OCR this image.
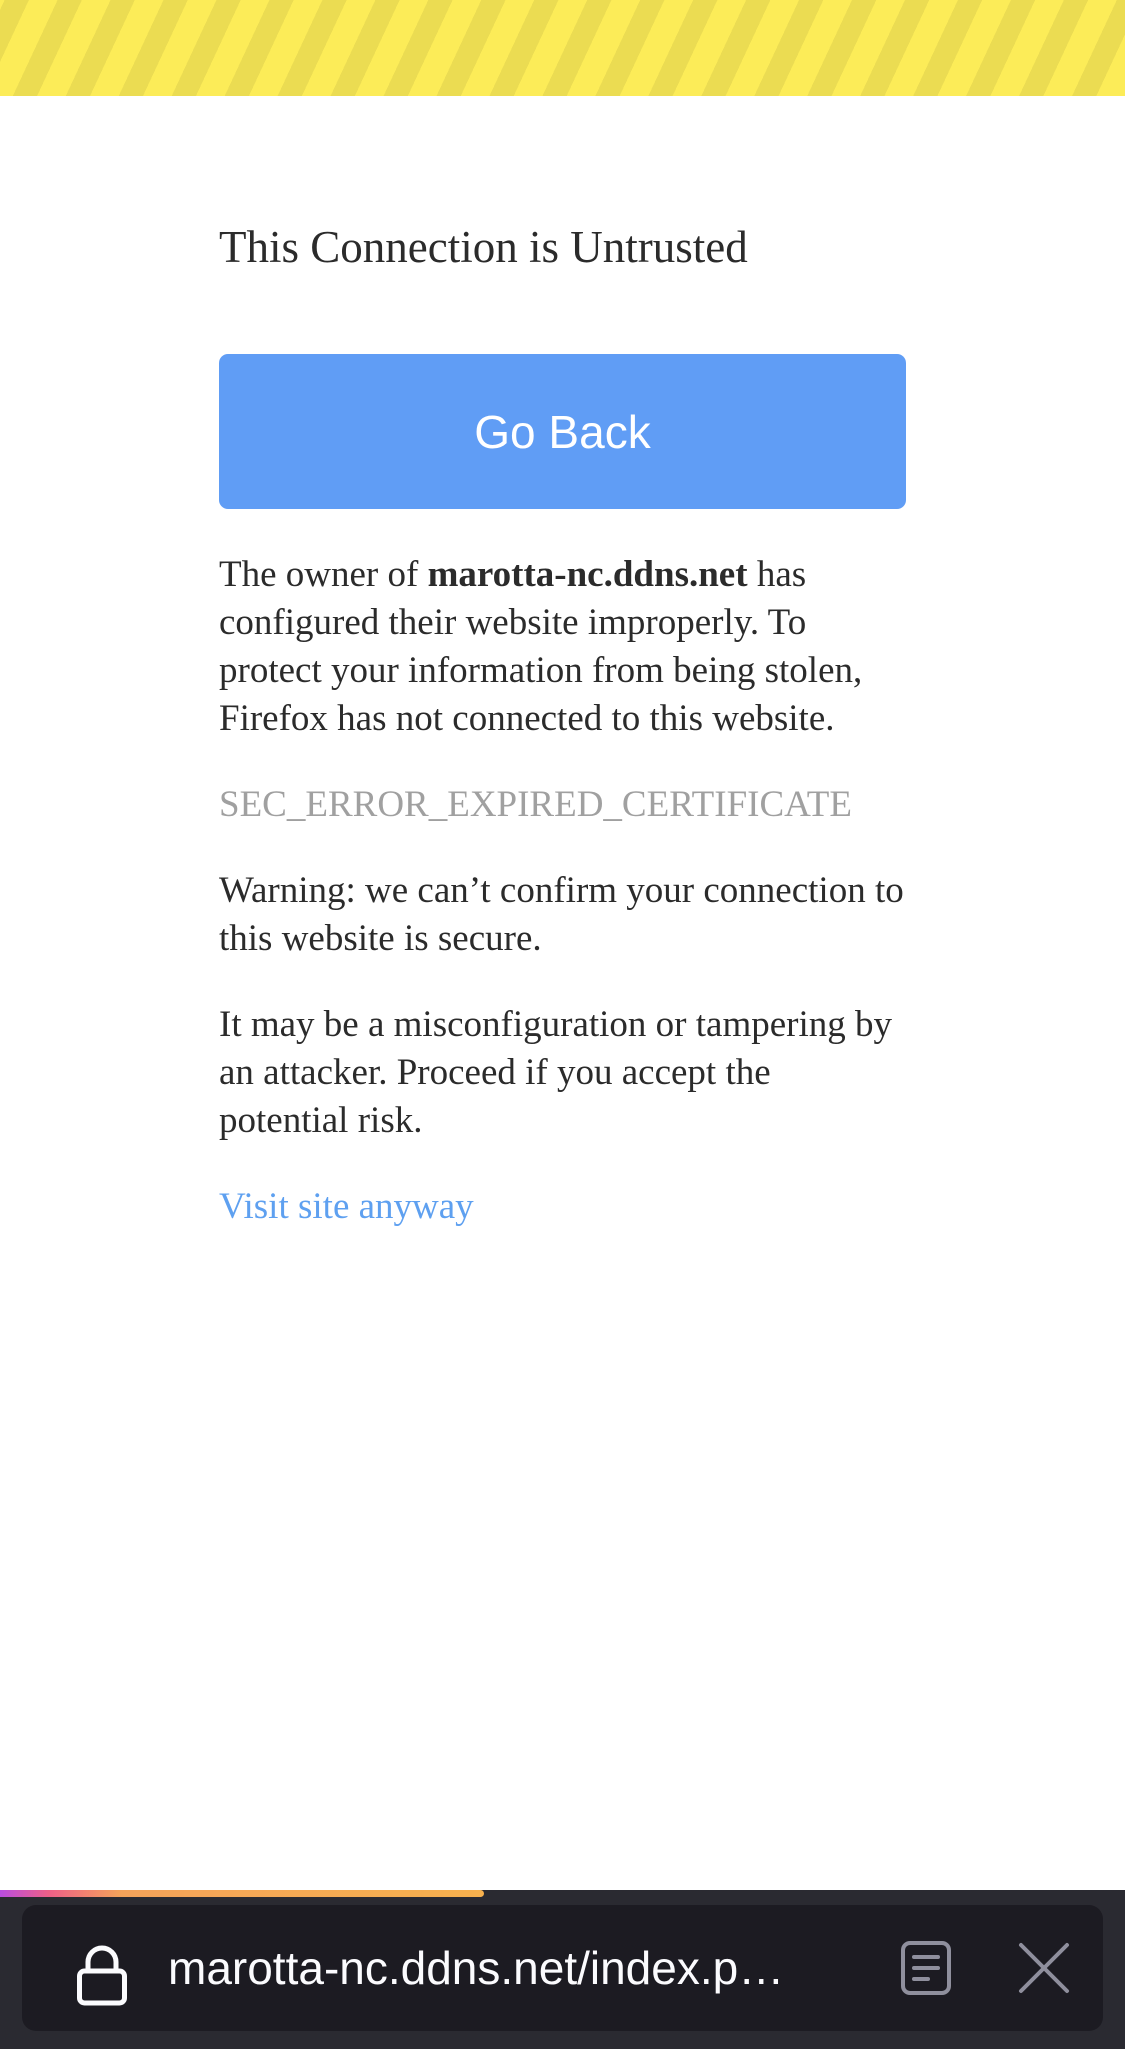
This Connection is Untrusted
Go Back

The owner of marotta-nc.ddns.net has configured their website improperly. To protect your information from being stolen, Firefox has not connected to this website.

SEC_ERROR_EXPIRED_CERTIFICATE

Warning: we can’t confirm your connection to this website is secure.

It may be a misconfiguration or tampering by an attacker. Proceed if you accept the potential risk.

Visit site anyway
marotta-nc.ddns.net/index.p…
